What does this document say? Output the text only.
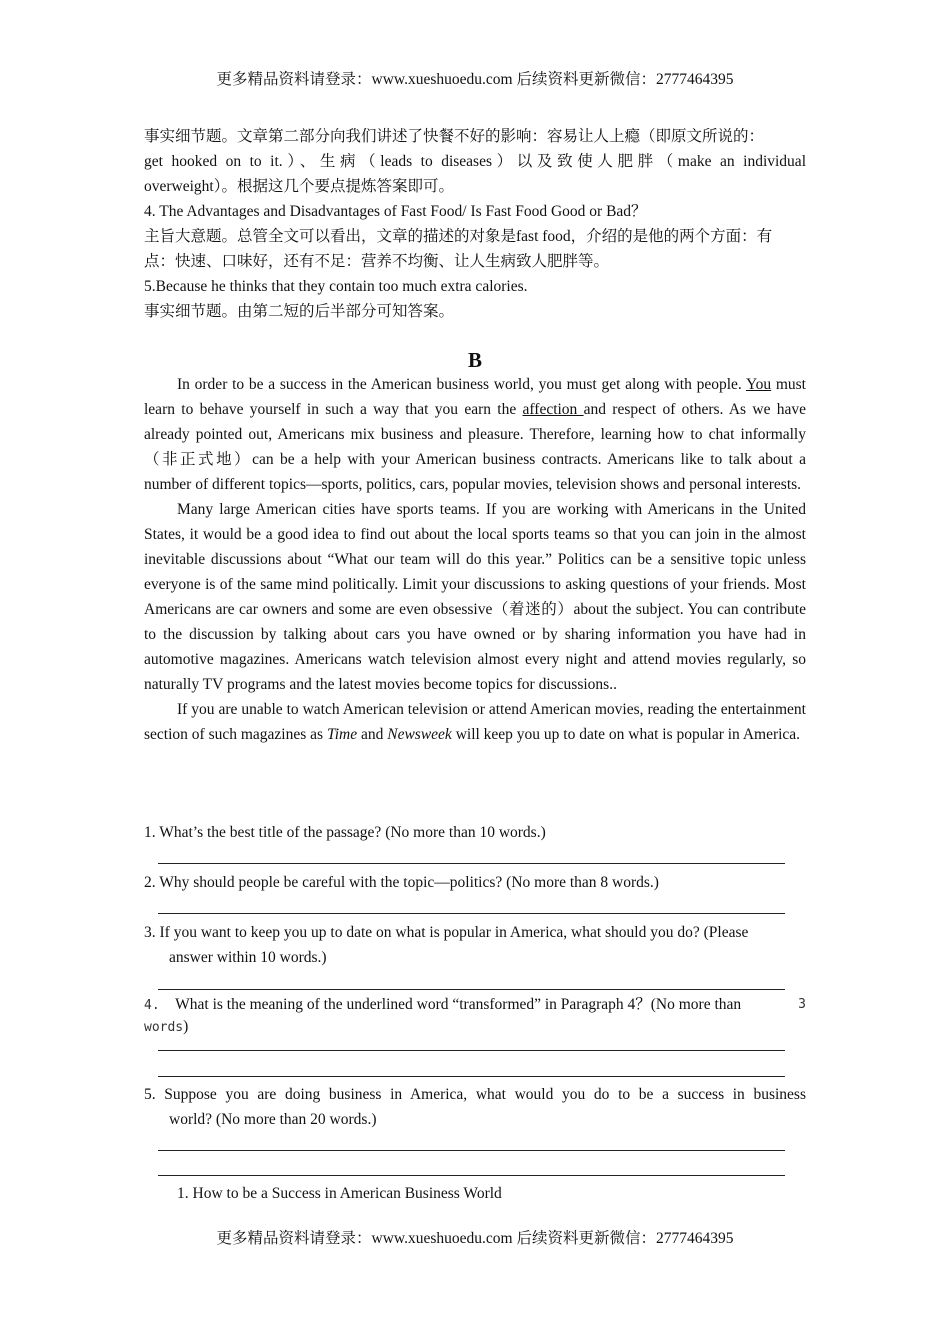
更多精品资料请登录：www.xueshuoedu.com 后续资料更新微信：2777464395
事实细节题。文章第二部分向我们讲述了快餐不好的影响：容易让人上瘾（即原文所说的：
get hooked on to it.）、生病（leads to diseases）以及致使人肥胖（make an individual
overweight）。根据这几个要点提炼答案即可。
4. The Advantages and Disadvantages of Fast Food/ Is Fast Food Good or Bad？
主旨大意题。总管全文可以看出，文章的描述的对象是fast food，介绍的是他的两个方面：有
点：快速、口味好，还有不足：营养不均衡、让人生病致人肥胖等。
5.Because he thinks that they contain too much extra calories.
事实细节题。由第二短的后半部分可知答案。
B

In order to be a success in the American business world, you must get along with people. You must learn to behave yourself in such a way that you earn the affection and respect of others. As we have already pointed out, Americans mix business and pleasure. Therefore, learning how to chat informally（非正式地）can be a help with your American business contracts. Americans like to talk about a number of different topics—sports, politics, cars, popular movies, television shows and personal interests.

Many large American cities have sports teams. If you are working with Americans in the United States, it would be a good idea to find out about the local sports teams so that you can join in the almost inevitable discussions about “What our team will do this year.” Politics can be a sensitive topic unless everyone is of the same mind politically. Limit your discussions to asking questions of your friends. Most Americans are car owners and some are even obsessive（着迷的）about the subject. You can contribute to the discussion by talking about cars you have owned or by sharing information you have had in automotive magazines. Americans watch television almost every night and attend movies regularly, so naturally TV programs and the latest movies become topics for discussions..

If you are unable to watch American television or attend American movies, reading the entertainment section of such magazines as Time and Newsweek will keep you up to date on what is popular in America.

1. What’s the best title of the passage? (No more than 10 words.)
2. Why should people be careful with the topic—politics? (No more than 8 words.)
3. If you want to keep you up to date on what is popular in America, what should you do? (Please
answer within 10 words.)
4. What is the meaning of the underlined word “transformed” in Paragraph 4？(No more than	3
words)
5. Suppose you are doing business in America, what would you do to be a success in business
world? (No more than 20 words.)
1. How to be a Success in American Business World
更多精品资料请登录：www.xueshuoedu.com 后续资料更新微信：2777464395
